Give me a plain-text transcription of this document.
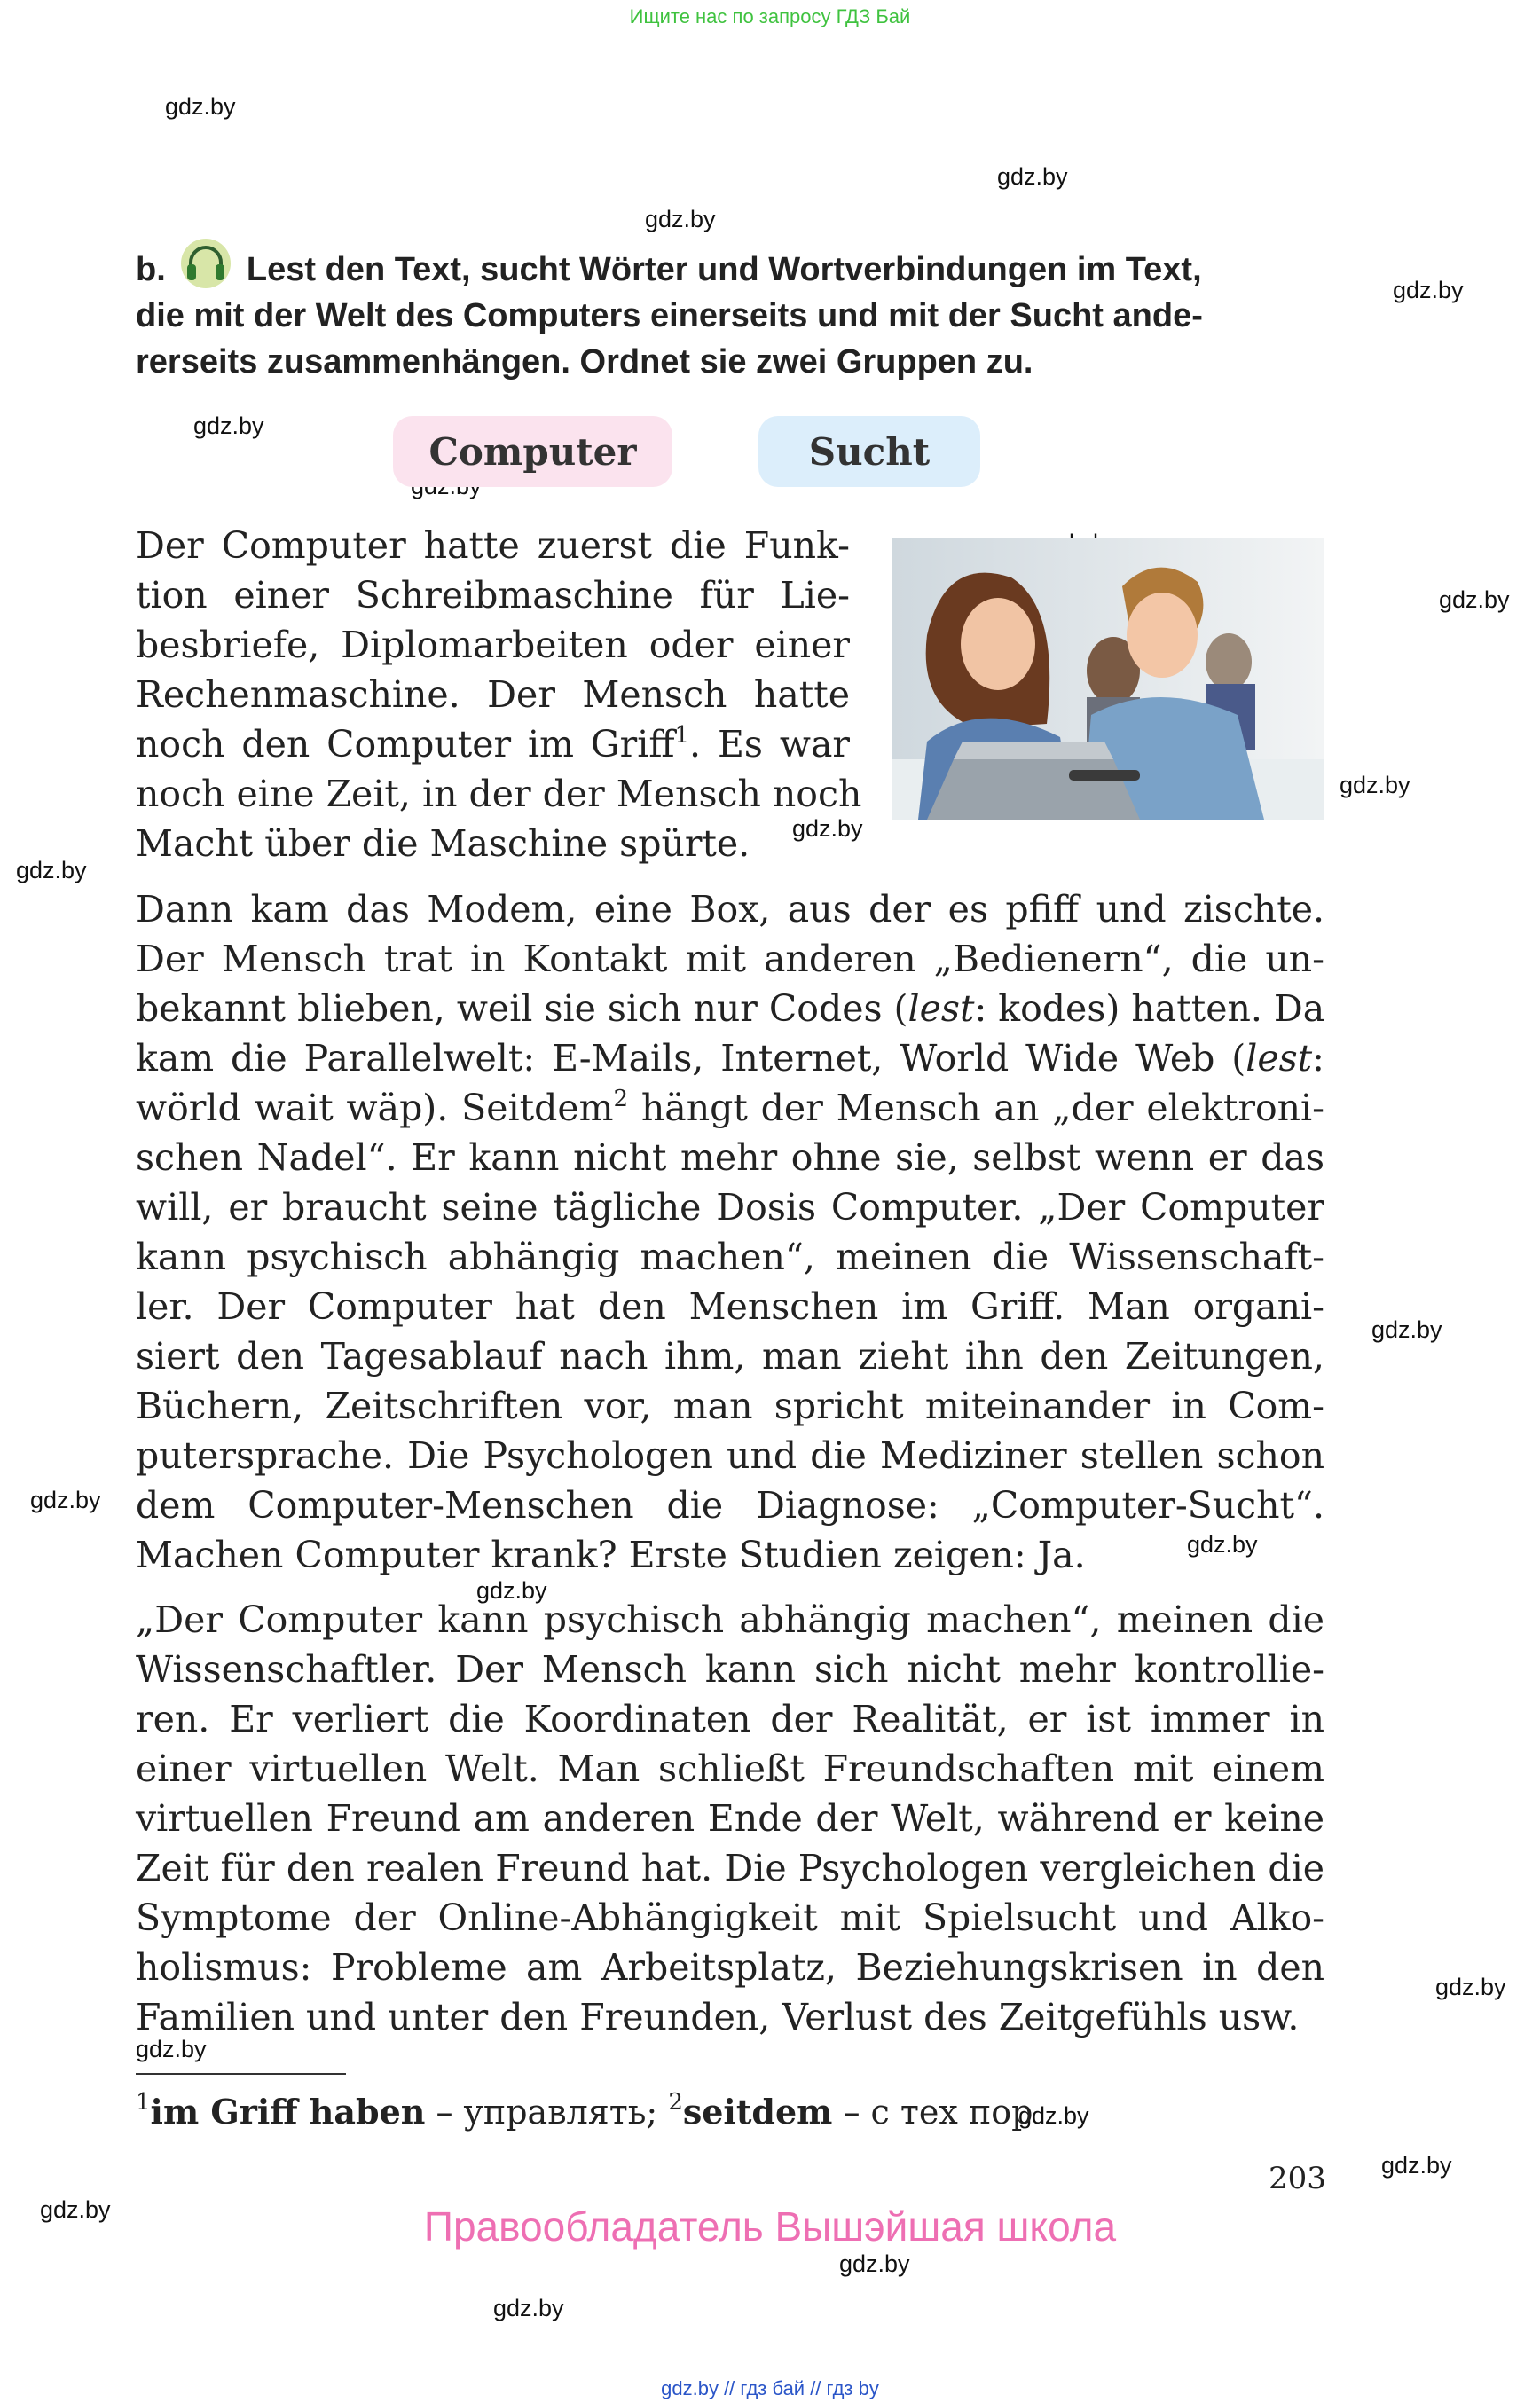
Ищите нас по запросу ГДЗ Бай
gdz.by
gdz.by
gdz.by
gdz.by
gdz.by
gdz.by
gdz.by
gdz.by
gdz.by
gdz.by
gdz.by
gdz.by
gdz.by
gdz.by
gdz.by
gdz.by
gdz.by
gdz.by
gdz.by
gdz.by
b. Lest den Text, sucht Wörter und Wortverbindungen im Text,
die mit der Welt des Computers einerseits und mit der Sucht ande-
rerseits zusammenhängen. Ordnet sie zwei Gruppen zu.
Computer	Sucht
Der Computer hatte zuerst die Funk-
tion einer Schreibmaschine für Lie-
besbriefe, Diplomarbeiten oder einer
Rechenmaschine. Der Mensch hatte
noch den Computer im Griff$^1$. Es war
noch eine Zeit, in der der Mensch noch
Macht über die Maschine spürte.
Dann kam das Modem, eine Box, aus der es pfiff und zischte.
Der Mensch trat in Kontakt mit anderen „Bedienern“, die un-
bekannt blieben, weil sie sich nur Codes (lest: kodes) hatten. Da
kam die Parallelwelt: E-Mails, Internet, World Wide Web (lest:
wörld wait wäp). Seitdem$^2$ hängt der Mensch an „der elektroni-
schen Nadel“. Er kann nicht mehr ohne sie, selbst wenn er das
will, er braucht seine tägliche Dosis Computer. „Der Computer
kann psychisch abhängig machen“, meinen die Wissenschaft-
ler. Der Computer hat den Menschen im Griff. Man organi-
siert den Tagesablauf nach ihm, man zieht ihn den Zeitungen,
Büchern, Zeitschriften vor, man spricht miteinander in Com-
putersprache. Die Psychologen und die Mediziner stellen schon
dem Computer-Menschen die Diagnose: „Computer-Sucht“.
Machen Computer krank? Erste Studien zeigen: Ja.
„Der Computer kann psychisch abhängig machen“, meinen die
Wissenschaftler. Der Mensch kann sich nicht mehr kontrollie-
ren. Er verliert die Koordinaten der Realität, er ist immer in
einer virtuellen Welt. Man schließt Freundschaften mit einem
virtuellen Freund am anderen Ende der Welt, während er keine
Zeit für den realen Freund hat. Die Psychologen vergleichen die
Symptome der Online-Abhängigkeit mit Spielsucht und Alko-
holismus: Probleme am Arbeitsplatz, Beziehungskrisen in den
Familien und unter den Freunden, Verlust des Zeitgefühls usw.
$^1$im Griff haben – управлять; $^2$seitdem – с тех пор
203
Правообладатель Вышэйшая школа
gdz.by // гдз бай // гдз by
